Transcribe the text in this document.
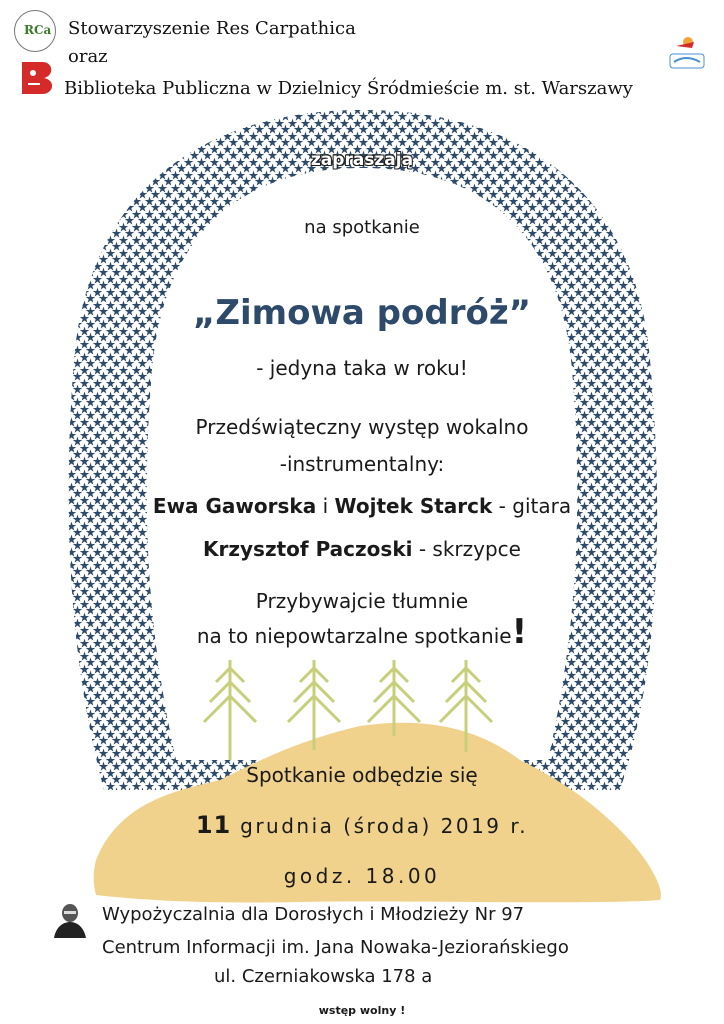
RCa Stowarzyszenie Res Carpathica
oraz
Biblioteka Publiczna w Dzielnicy Śródmieście m. st. Warszawy
zapraszają
na spotkanie
„Zimowa podróż”
- jedyna taka w roku!
Przedświąteczny występ wokalno
-instrumentalny:
Ewa Gaworska i Wojtek Starck - gitara
Krzysztof Paczoski - skrzypce
Przybywajcie tłumnie
na to niepowtarzalne spotkanie!
Spotkanie odbędzie się
11 grudnia (środa) 2019 r.
godz. 18.00
Wypożyczalnia dla Dorosłych i Młodzieży Nr 97
Centrum Informacji im. Jana Nowaka-Jeziorańskiego
ul. Czerniakowska 178 a
wstęp wolny !
